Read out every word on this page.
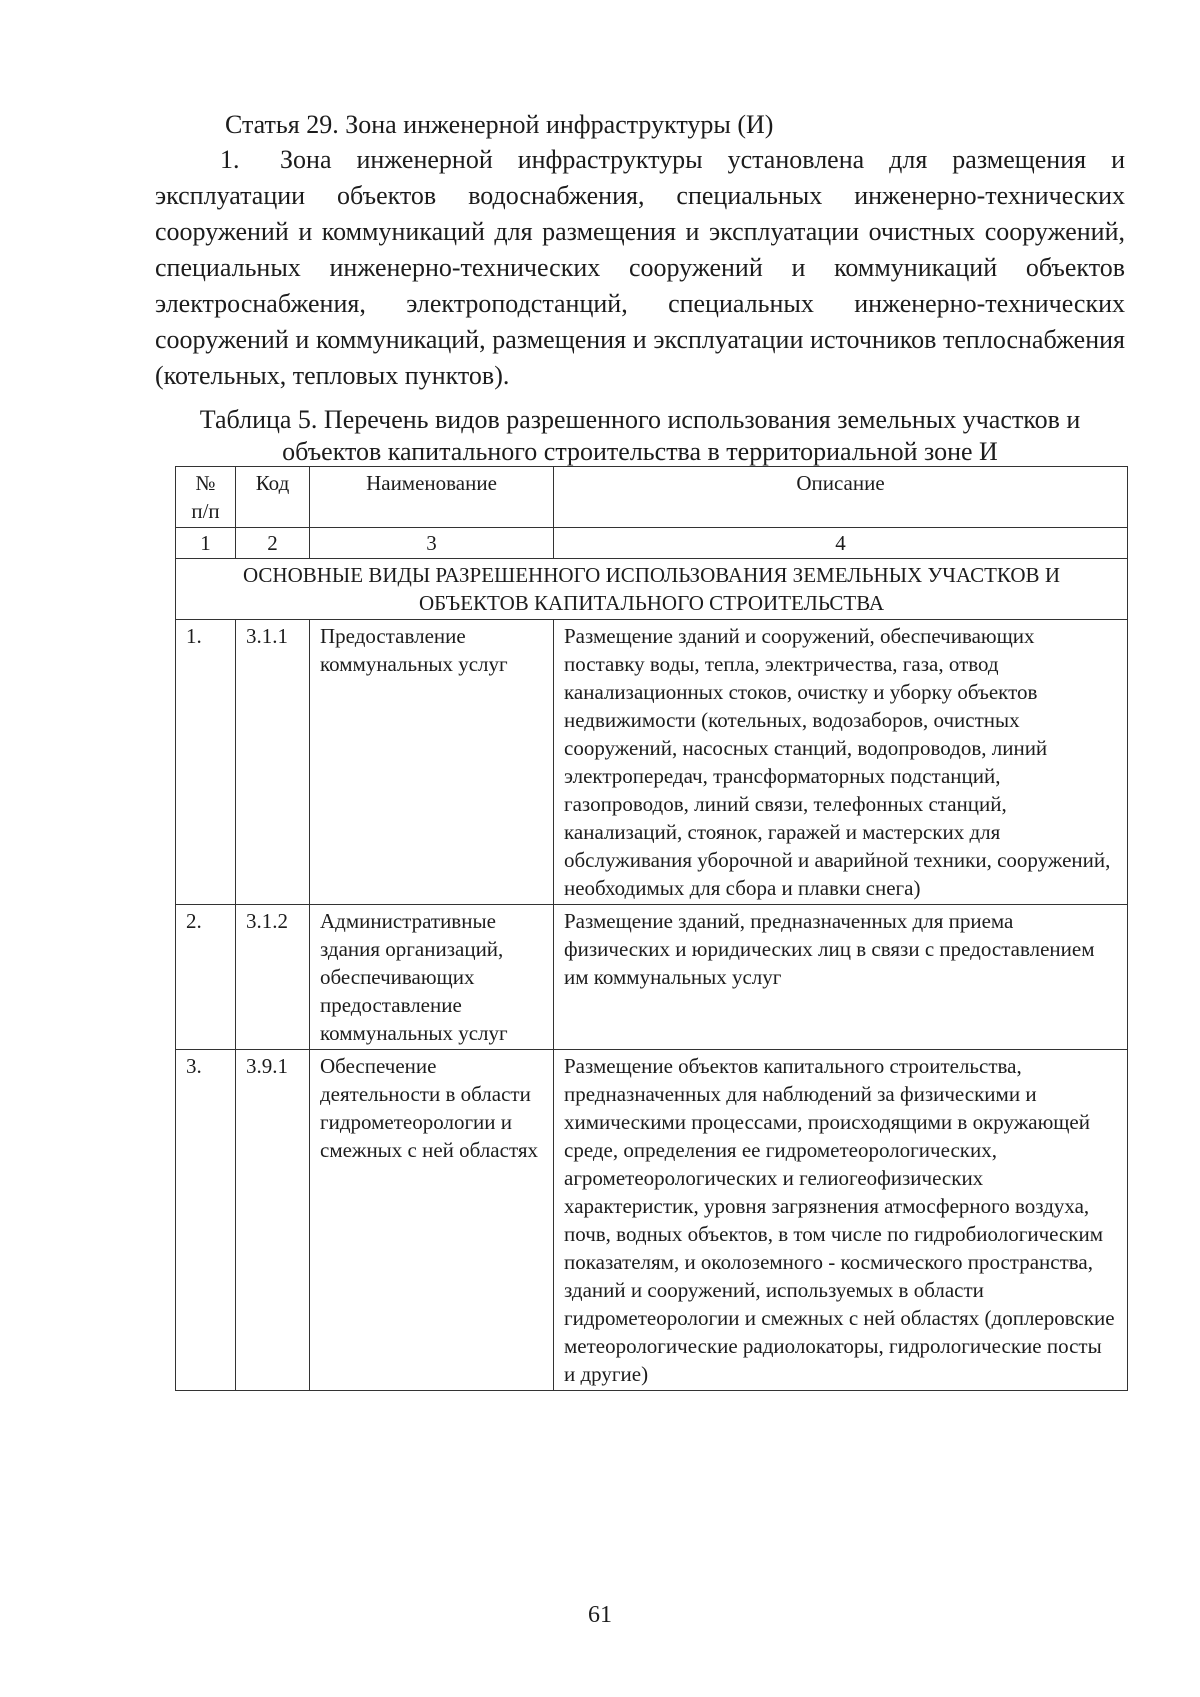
Статья 29. Зона инженерной инфраструктуры (И)
1. Зона инженерной инфраструктуры установлена для размещения и эксплуатации объектов водоснабжения, специальных инженерно-технических сооружений и коммуникаций для размещения и эксплуатации очистных сооружений, специальных инженерно-технических сооружений и коммуникаций объектов электроснабжения, электроподстанций, специальных инженерно-технических сооружений и коммуникаций, размещения и эксплуатации источников теплоснабжения (котельных, тепловых пунктов).
Таблица 5. Перечень видов разрешенного использования земельных участков и объектов капитального строительства в территориальной зоне И
№ п/п	Код	Наименование	Описание
1	2	3	4
ОСНОВНЫЕ ВИДЫ РАЗРЕШЕННОГО ИСПОЛЬЗОВАНИЯ ЗЕМЕЛЬНЫХ УЧАСТКОВ И ОБЪЕКТОВ КАПИТАЛЬНОГО СТРОИТЕЛЬСТВА			
1.	3.1.1	Предоставление коммунальных услуг	Размещение зданий и сооружений, обеспечивающих поставку воды, тепла, электричества, газа, отвод канализационных стоков, очистку и уборку объектов недвижимости (котельных, водозаборов, очистных сооружений, насосных станций, водопроводов, линий электропередач, трансформаторных подстанций, газопроводов, линий связи, телефонных станций, канализаций, стоянок, гаражей и мастерских для обслуживания уборочной и аварийной техники, сооружений, необходимых для сбора и плавки снега)
2.	3.1.2	Административные здания организаций, обеспечивающих предоставление коммунальных услуг	Размещение зданий, предназначенных для приема физических и юридических лиц в связи с предоставлением им коммунальных услуг
3.	3.9.1	Обеспечение деятельности в области гидрометеорологии и смежных с ней областях	Размещение объектов капитального строительства, предназначенных для наблюдений за физическими и химическими процессами, происходящими в окружающей среде, определения ее гидрометеорологических, агрометеорологических и гелиогеофизических характеристик, уровня загрязнения атмосферного воздуха, почв, водных объектов, в том числе по гидробиологическим показателям, и околоземного - космического пространства, зданий и сооружений, используемых в области гидрометеорологии и смежных с ней областях (доплеровские метеорологические радиолокаторы, гидрологические посты и другие)
61
